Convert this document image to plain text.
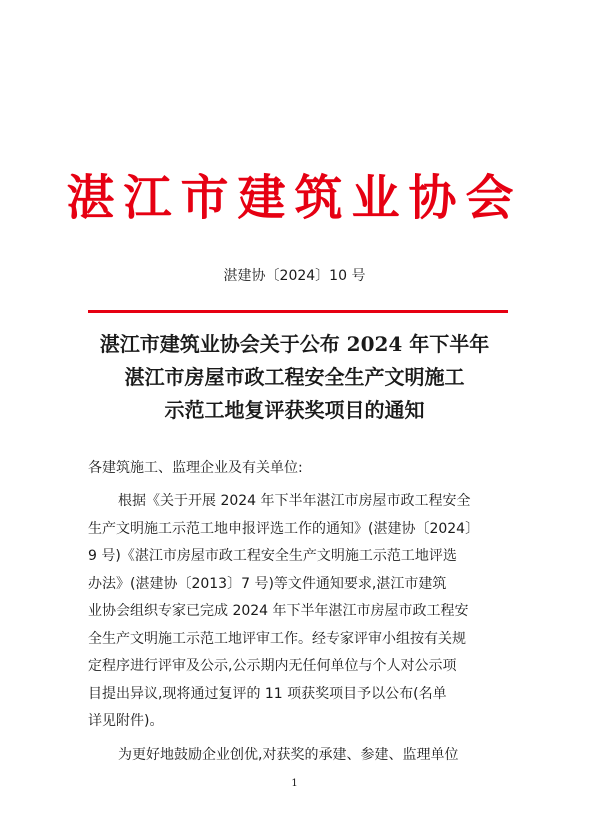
湛江市建筑业协会
湛建协〔2024〕10 号
湛江市建筑业协会关于公布 2024 年下半年
湛江市房屋市政工程安全生产文明施工
示范工地复评获奖项目的通知
各建筑施工、监理企业及有关单位:
根据《关于开展 2024 年下半年湛江市房屋市政工程安全
生产文明施工示范工地申报评选工作的通知》(湛建协〔2024〕
9 号)《湛江市房屋市政工程安全生产文明施工示范工地评选
办法》(湛建协〔2013〕7 号)等文件通知要求,湛江市建筑
业协会组织专家已完成 2024 年下半年湛江市房屋市政工程安
全生产文明施工示范工地评审工作。经专家评审小组按有关规
定程序进行评审及公示,公示期内无任何单位与个人对公示项
目提出异议,现将通过复评的 11 项获奖项目予以公布(名单
详见附件)。
为更好地鼓励企业创优,对获奖的承建、参建、监理单位
1
